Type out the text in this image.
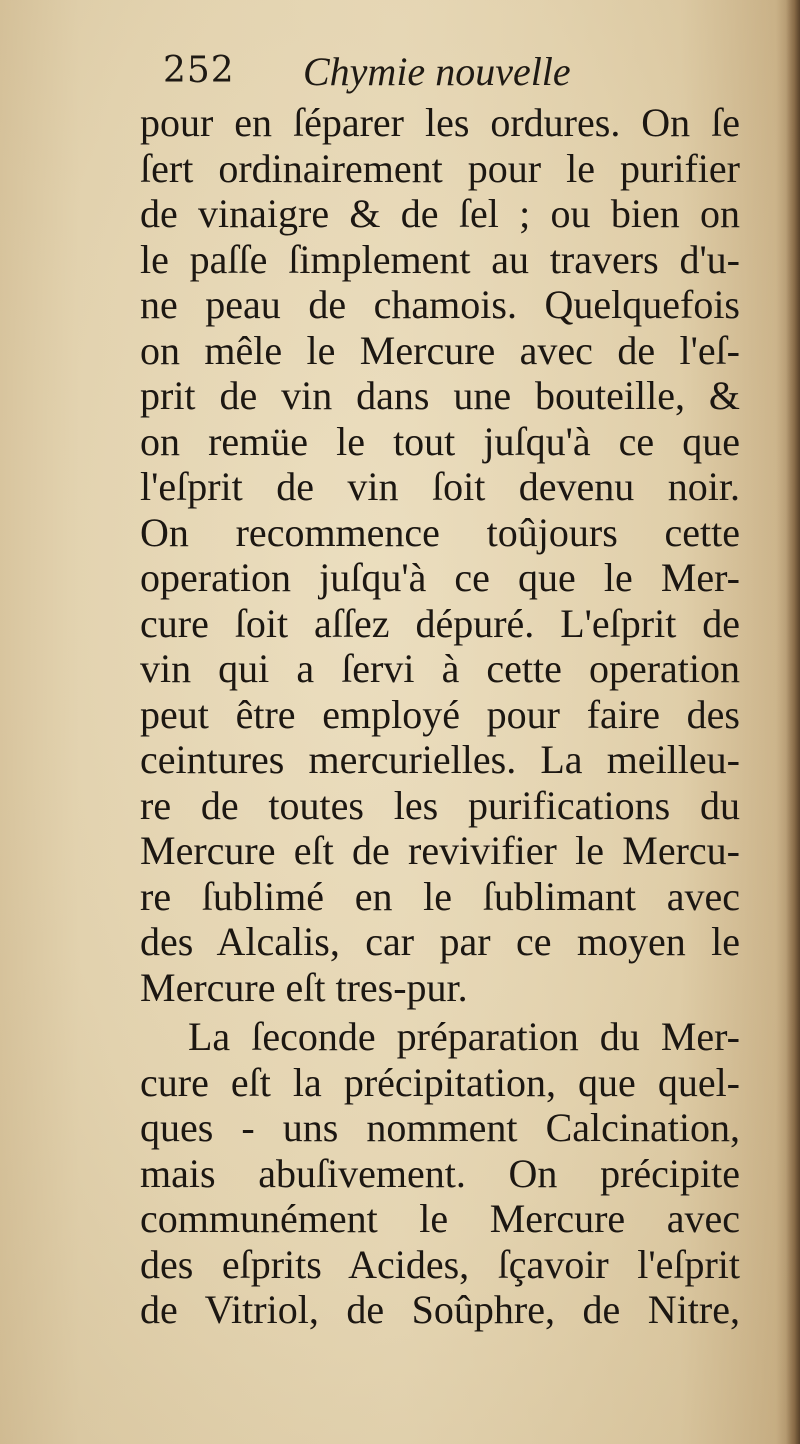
252 Chymie nouvelle
pour en ſéparer les ordures. On ſe
ſert ordinairement pour le purifier
de vinaigre & de ſel ; ou bien on
le paſſe ſimplement au travers d'u-
ne peau de chamois. Quelquefois
on mêle le Mercure avec de l'eſ-
prit de vin dans une bouteille, &
on remüe le tout juſqu'à ce que
l'eſprit de vin ſoit devenu noir.
On recommence toûjours cette
operation juſqu'à ce que le Mer-
cure ſoit aſſez dépuré. L'eſprit de
vin qui a ſervi à cette operation
peut être employé pour faire des
ceintures mercurielles. La meilleu-
re de toutes les purifications du
Mercure eſt de revivifier le Mercu-
re ſublimé en le ſublimant avec
des Alcalis, car par ce moyen le
Mercure eſt tres-pur.
La ſeconde préparation du Mer-
cure eſt la précipitation, que quel-
ques - uns nomment Calcination,
mais abuſivement. On précipite
communément le Mercure avec
des eſprits Acides, ſçavoir l'eſprit
de Vitriol, de Soûphre, de Nitre,
